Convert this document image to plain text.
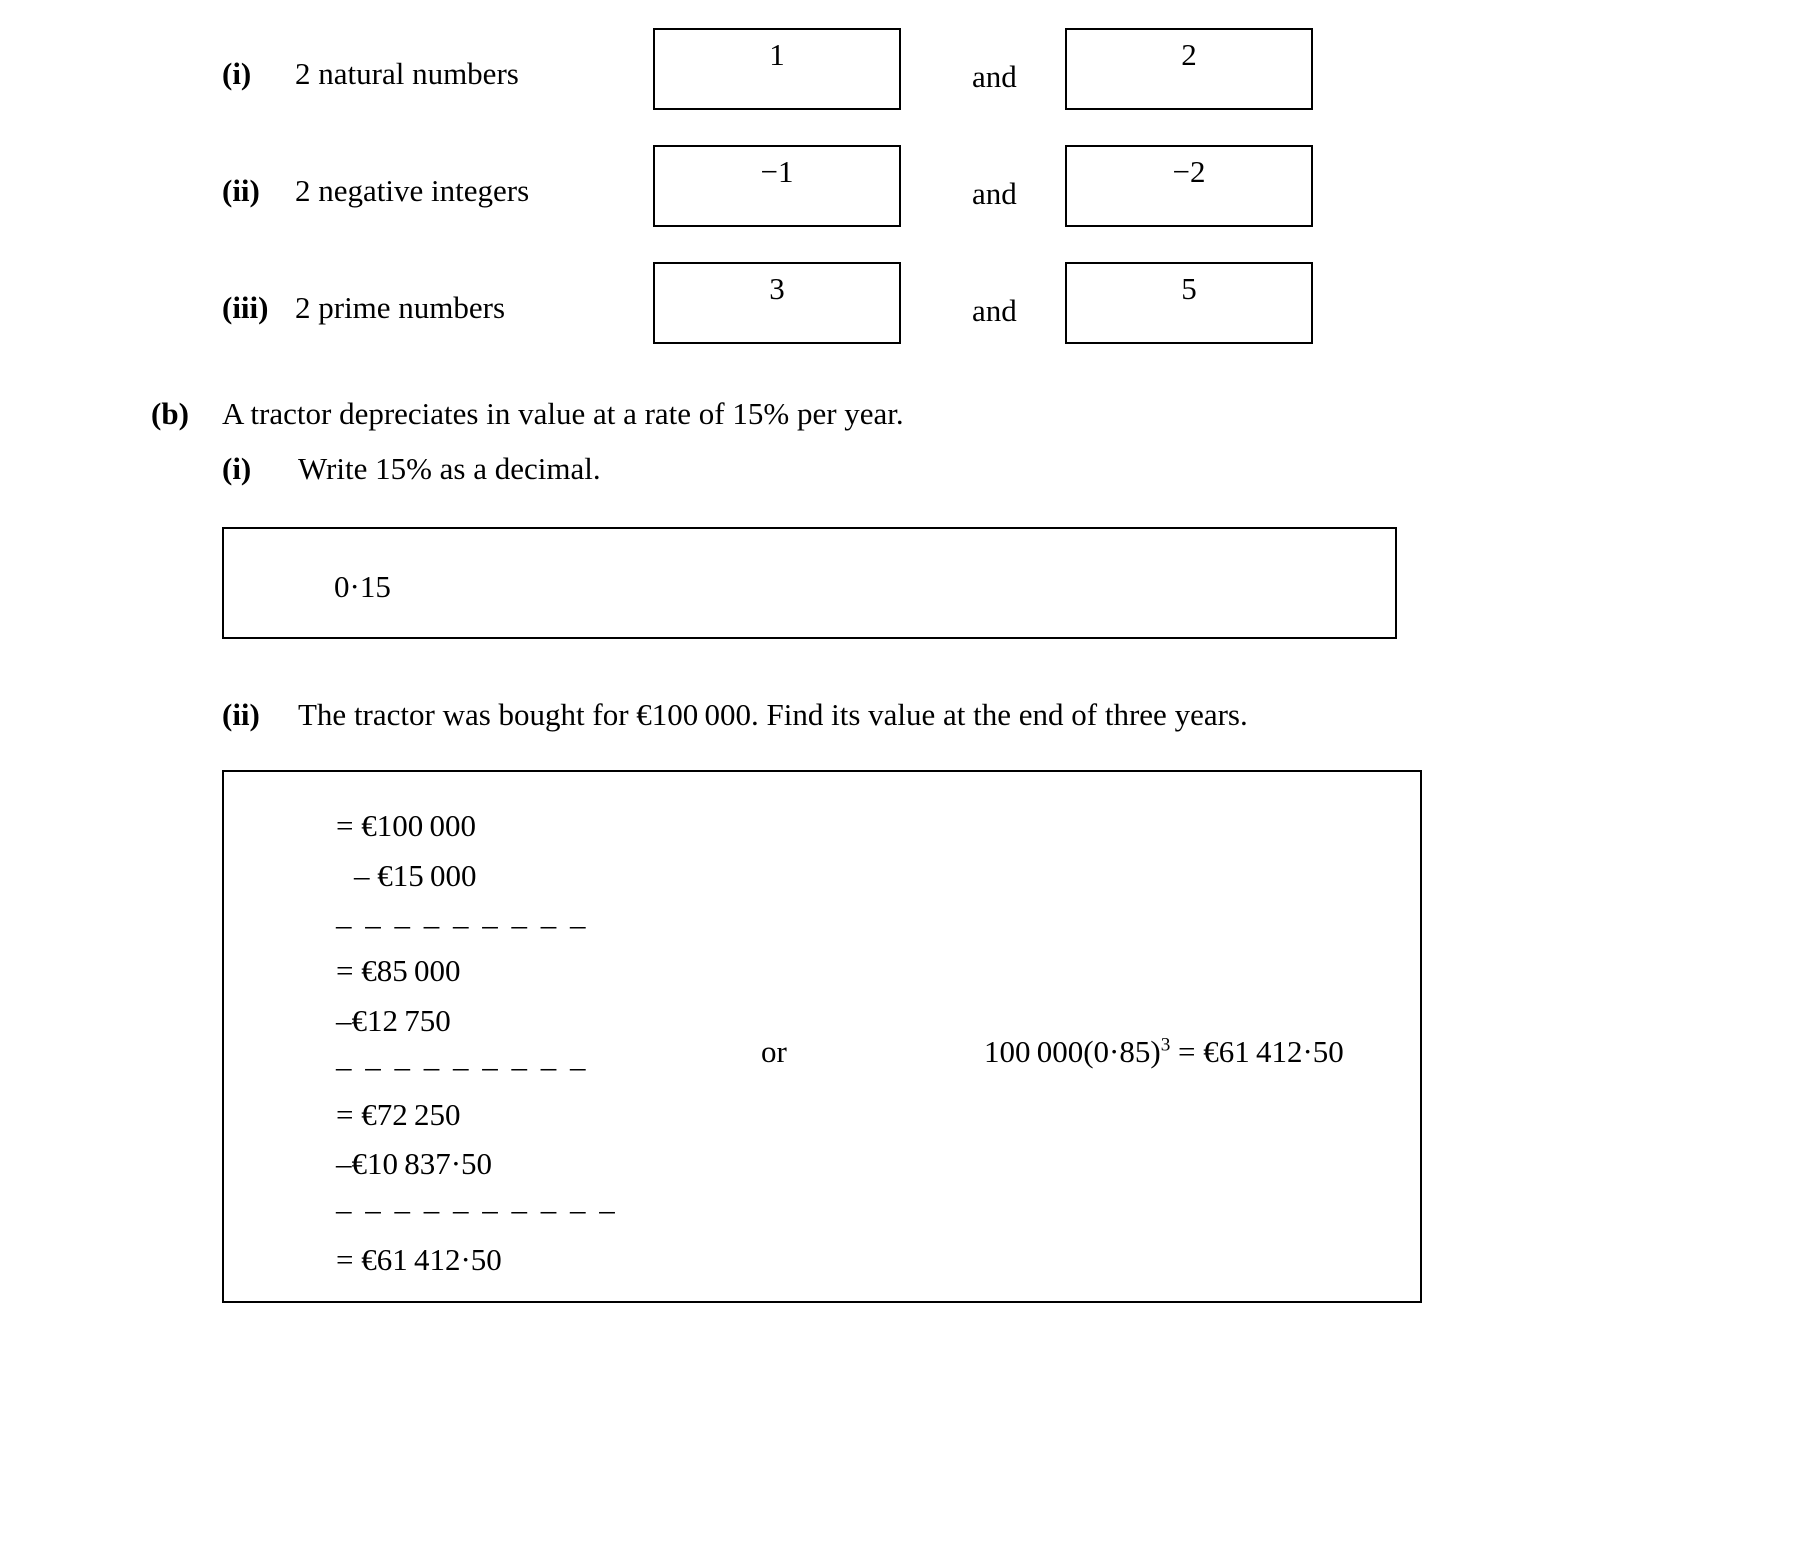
(i) 2 natural numbers
1
and
2
(ii) 2 negative integers
−1
and
−2
(iii) 2 prime numbers
3
and
5
(b) A tractor depreciates in value at a rate of 15% per year.
(i) Write 15% as a decimal.
0·15
(ii) The tractor was bought for €100 000. Find its value at the end of three years.
= €100 000
– €15 000
– – – – – – – – –
= €85 000
–€12 750
– – – – – – – – –
= €72 250
–€10 837·50
– – – – – – – – – –
= €61 412·50
or	100 $000(0\cdot 85)^3$ = €61 412·50
